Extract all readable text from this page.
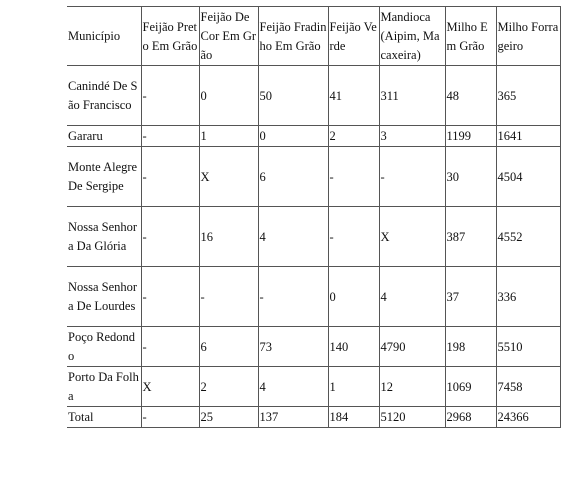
Município	Feijão Preto Em Grão	Feijão De Cor Em Grão	Feijão Fradinho Em Grão	Feijão Verde	Mandioca (Aipim, Macaxeira)	Milho Em Grão	Milho Forrageiro
Canindé De São Francisco	-	0	50	41	311	48	365
Gararu	-	1	0	2	3	1199	1641
Monte Alegre De Sergipe	-	X	6	-	-	30	4504
Nossa Senhora Da Glória	-	16	4	-	X	387	4552
Nossa Senhora De Lourdes	-	-	-	0	4	37	336
Poço Redondo	-	6	73	140	4790	198	5510
Porto Da Folha	X	2	4	1	12	1069	7458
Total	-	25	137	184	5120	2968	24366
